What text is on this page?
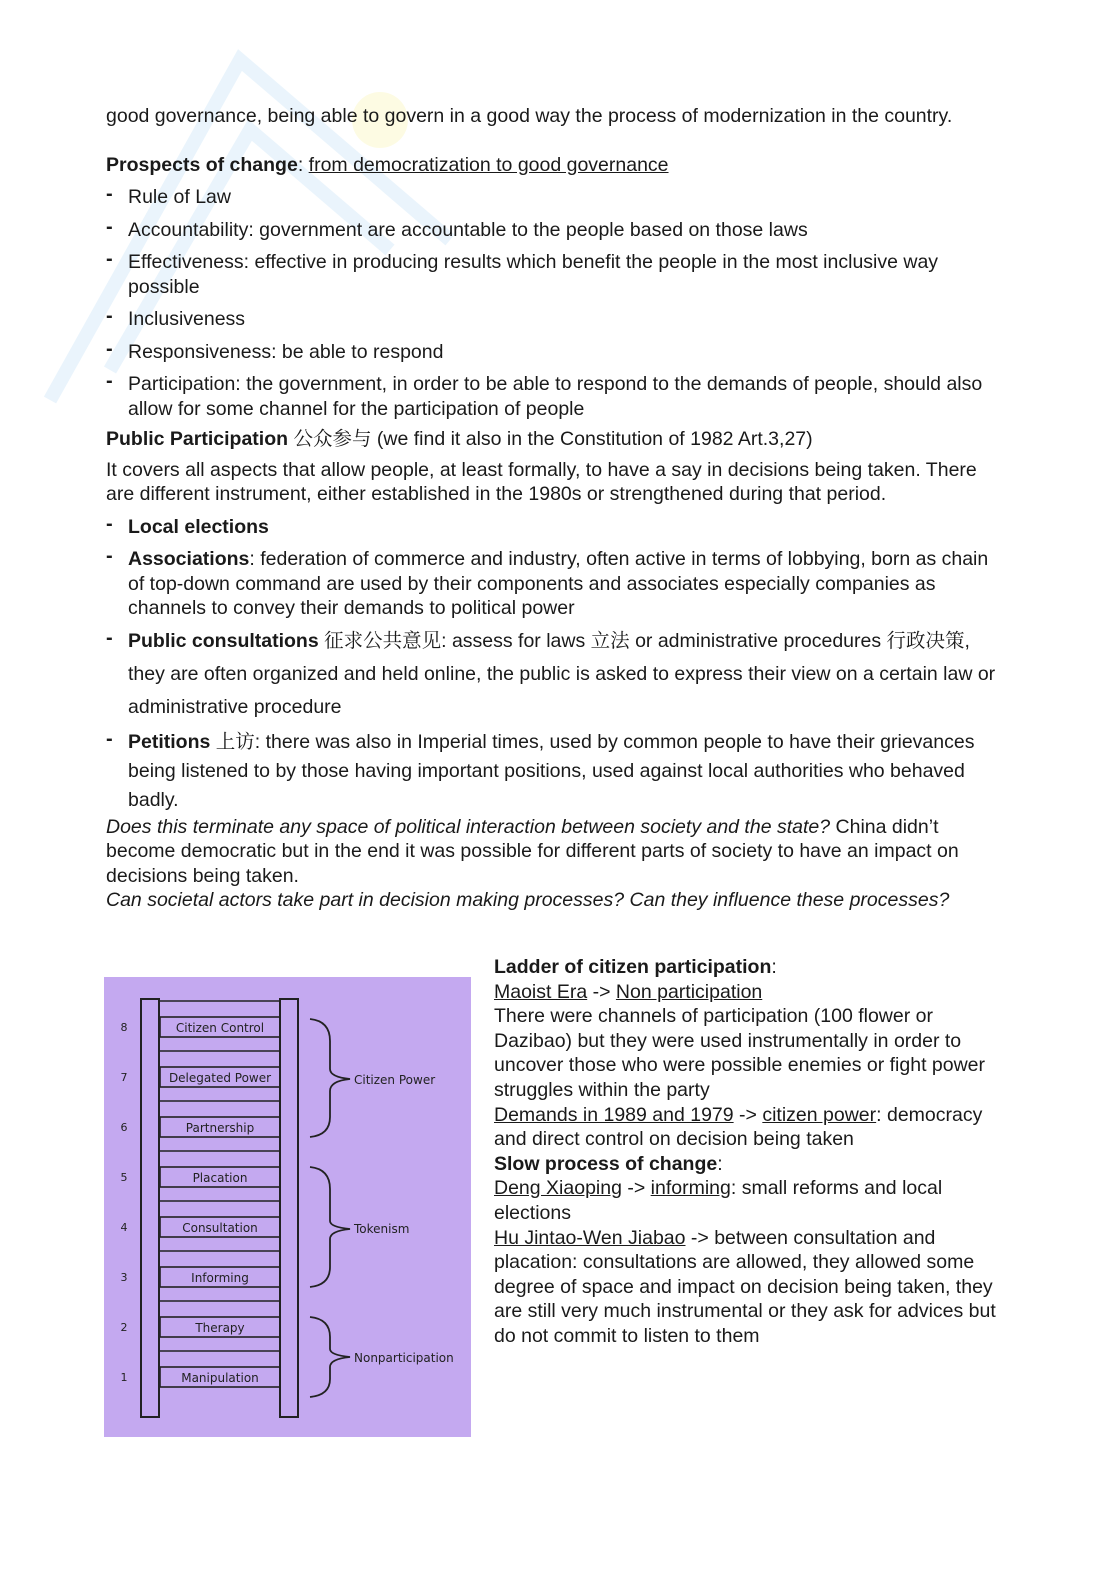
good governance, being able to govern in a good way the process of modernization in the country.

Prospects of change: from democratization to good governance

- Rule of Law
- Accountability: government are accountable to the people based on those laws
- Effectiveness: effective in producing results which benefit the people in the most inclusive way possible
- Inclusiveness
- Responsiveness: be able to respond
- Participation: the government, in order to be able to respond to the demands of people, should also allow for some channel for the participation of people

Public Participation 公众参与 (we find it also in the Constitution of 1982 Art.3,27)

It covers all aspects that allow people, at least formally, to have a say in decisions being taken. There are different instrument, either established in the 1980s or strengthened during that period.

- Local elections
- Associations: federation of commerce and industry, often active in terms of lobbying, born as chain of top-down command are used by their components and associates especially companies as channels to convey their demands to political power
- Public consultations 征求公共意见: assess for laws 立法 or administrative procedures 行政决策, they are often organized and held online, the public is asked to express their view on a certain law or administrative procedure
- Petitions 上访: there was also in Imperial times, used by common people to have their grievances being listened to by those having important positions, used against local authorities who behaved badly.

Does this terminate any space of political interaction between society and the state? China didn’t become democratic but in the end it was possible for different parts of society to have an impact on decisions being taken.

Can societal actors take part in decision making processes? Can they influence these processes?

Citizen Control
8
Delegated Power
7
Partnership
6
Placation
5
Consultation
4
Informing
3
Therapy
2
Manipulation
1
Citizen Power
Tokenism
Nonparticipation

Ladder of citizen participation:

Maoist Era -> Non participation

There were channels of participation (100 flower or Dazibao) but they were used instrumentally in order to uncover those who were possible enemies or fight power struggles within the party

Demands in 1989 and 1979 -> citizen power: democracy and direct control on decision being taken

Slow process of change:

Deng Xiaoping -> informing: small reforms and local elections

Hu Jintao-Wen Jiabao -> between consultation and placation: consultations are allowed, they allowed some degree of space and impact on decision being taken, they are still very much instrumental or they ask for advices but do not commit to listen to them
